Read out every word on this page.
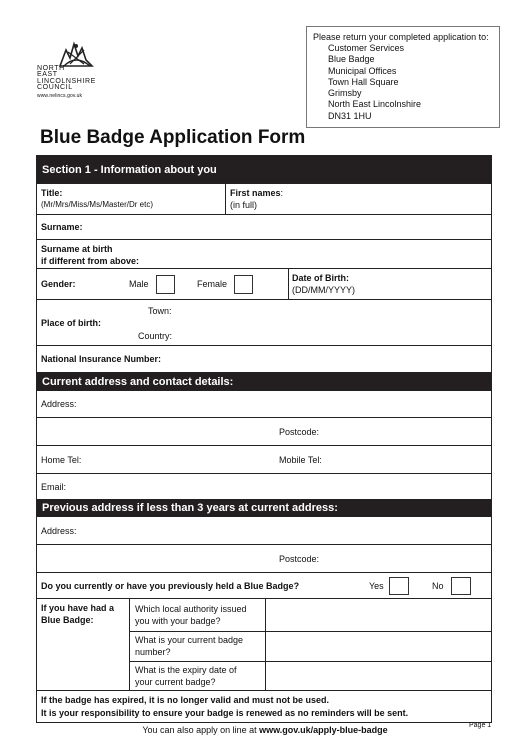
NORTH
EAST
LINCOLNSHIRE
COUNCIL
www.nelincs.gov.uk
Please return your completed application to:
Customer Services
Blue Badge
Municipal Offices
Town Hall Square
Grimsby
North East Lincolnshire
DN31 1HU
Blue Badge Application Form
Section 1 - Information about you
Title:
(Mr/Mrs/Miss/Ms/Master/Dr etc)
First names:
(in full)
Surname:
Surname at birth
if different from above:
Gender:	Male	Female
Date of Birth:
(DD/MM/YYYY)
Place of birth:
Town:
Country:
National Insurance Number:
Current address and contact details:
Address:
Postcode:
Home Tel:	Mobile Tel:
Email:
Previous address if less than 3 years at current address:
Address:
Postcode:
Do you currently or have you previously held a Blue Badge?	Yes	No
If you have had a
Blue Badge:
Which local authority issued
you with your badge?
What is your current badge
number?
What is the expiry date of
your current badge?
If the badge has expired, it is no longer valid and must not be used.
It is your responsibility to ensure your badge is renewed as no reminders will be sent.
You can also apply on line at www.gov.uk/apply-blue-badge	Page 1
